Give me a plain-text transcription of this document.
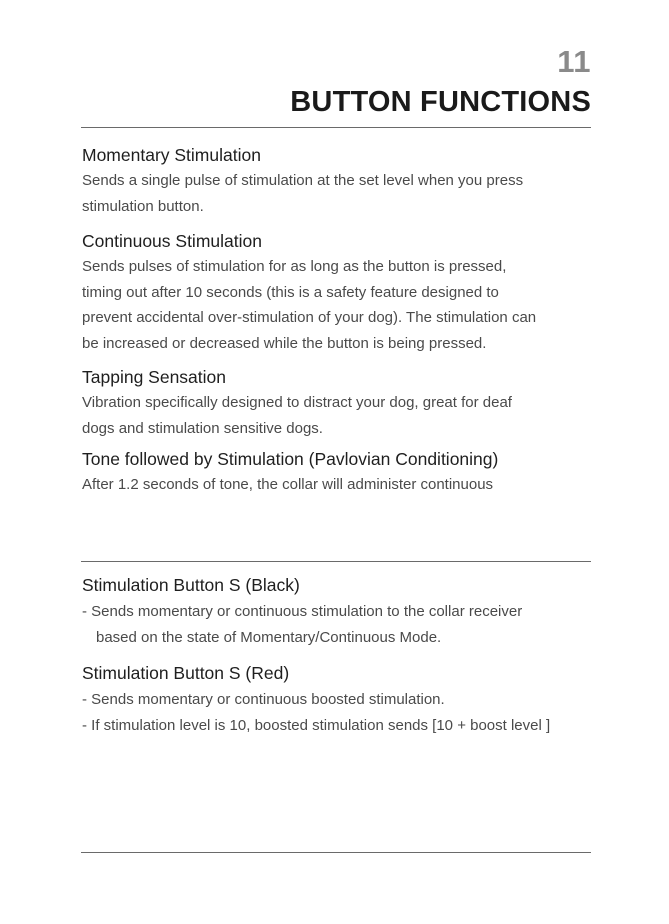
11
BUTTON FUNCTIONS
Momentary Stimulation

Sends a single pulse of stimulation at the set level when you press
stimulation button.

Continuous Stimulation

Sends pulses of stimulation for as long as the button is pressed,
timing out after 10 seconds (this is a safety feature designed to
prevent accidental over-stimulation of your dog). The stimulation can
be increased or decreased while the button is being pressed.

Tapping Sensation

Vibration specifically designed to distract your dog, great for deaf
dogs and stimulation sensitive dogs.

Tone followed by Stimulation (Pavlovian Conditioning)

After 1.2 seconds of tone, the collar will administer continuous

Stimulation Button S (Black)
- Sends momentary or continuous stimulation to the collar receiver
based on the state of Momentary/Continuous Mode.
Stimulation Button S (Red)
- Sends momentary or continuous boosted stimulation.
- If stimulation level is 10, boosted stimulation sends [10 + boost level ]
